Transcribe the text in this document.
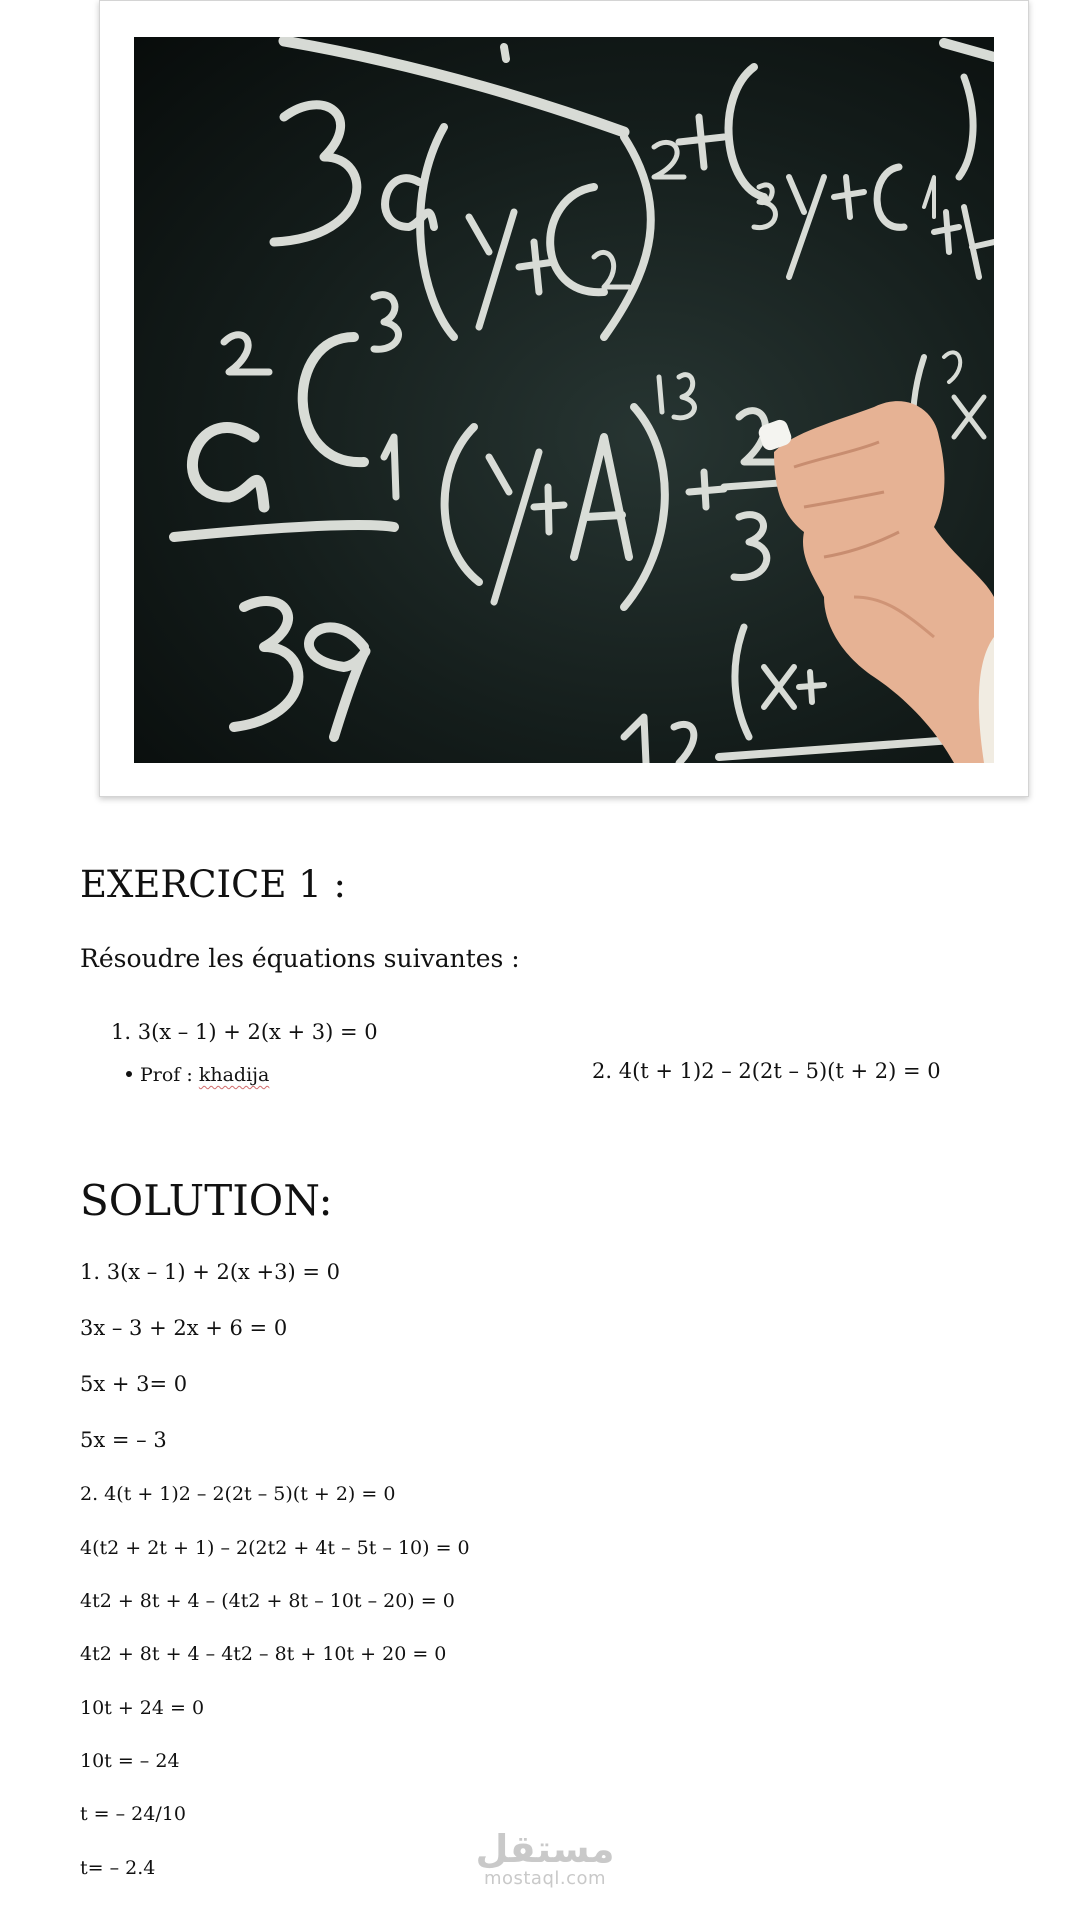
EXERCICE 1 :

Résoudre les équations suivantes :

1. 3(x – 1) + 2(x + 3) = 0

Prof : khadija	2. 4(t + 1)2 – 2(2t – 5)(t + 2) = 0

SOLUTION:

1. 3(x – 1) + 2(x +3) = 0

3x – 3 + 2x + 6 = 0

5x + 3= 0

5x = – 3

2. 4(t + 1)2 – 2(2t – 5)(t + 2) = 0

4(t2 + 2t + 1) – 2(2t2 + 4t – 5t – 10) = 0

4t2 + 8t + 4 – (4t2 + 8t – 10t – 20) = 0

4t2 + 8t + 4 – 4t2 – 8t + 10t + 20 = 0

10t + 24 = 0

10t = – 24

t = – 24/10

t= – 2.4	مستقل
mostaql.com
